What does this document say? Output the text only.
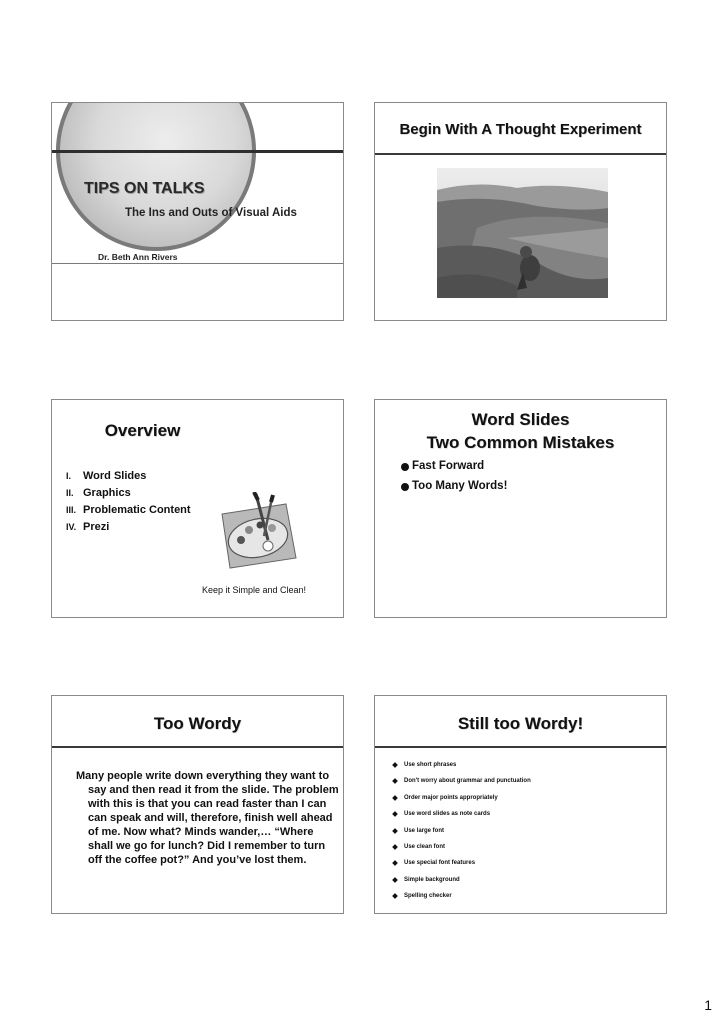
TIPS ON TALKS
The Ins and Outs of Visual Aids
Dr. Beth Ann Rivers
Begin With A Thought Experiment
Overview
I. Word Slides
II. Graphics
III. Problematic Content
IV. Prezi
Keep it Simple and Clean!
Word Slides
Two Common Mistakes
Fast Forward
Too Many Words!
Too Wordy
Many people write down everything they want to say and then read it from the slide. The problem with this is that you can read faster than I can can speak and will, therefore, finish well ahead of me. Now what? Minds wander,… “Where shall we go for lunch? Did I remember to turn off the coffee pot?” And you’ve lost them.
Still too Wordy!
Use short phrases
Don't worry about grammar and punctuation
Order major points appropriately
Use word slides as note cards
Use large font
Use clean font
Use special font features
Simple background
Spelling checker
1
